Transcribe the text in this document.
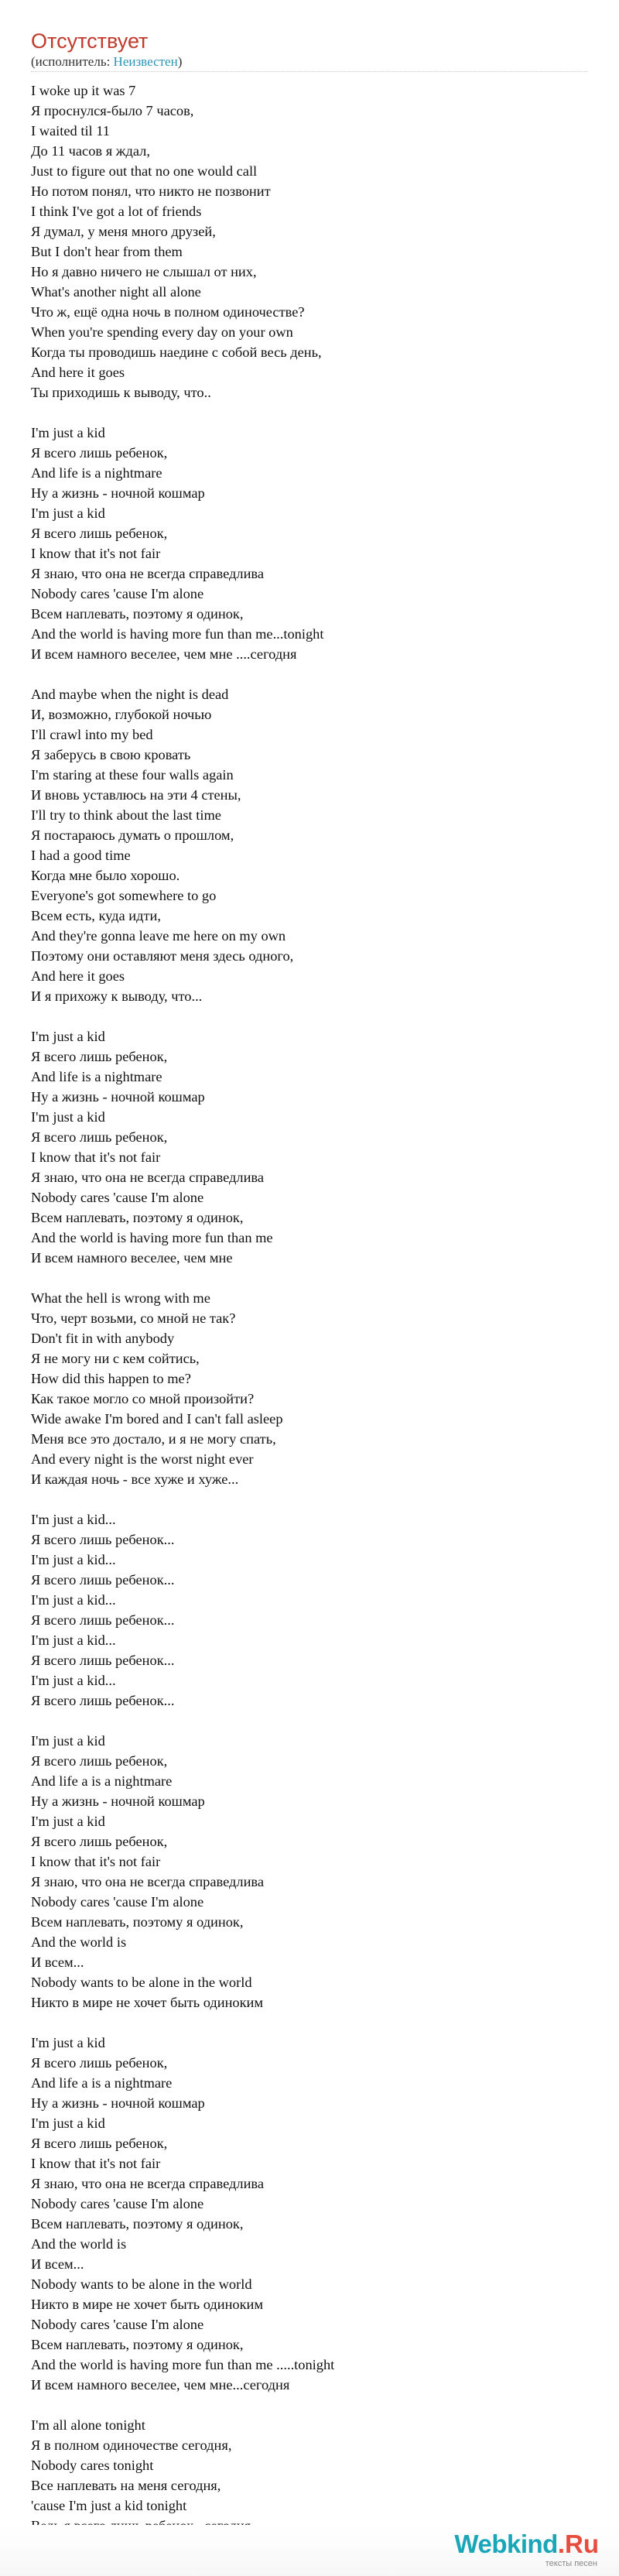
Отсутствует
(исполнитель: Неизвестен)
I woke up it was 7
Я проснулся-было 7 часов,
I waited til 11
До 11 часов я ждал,
Just to figure out that no one would call
Но потом понял, что никто не позвонит
I think I've got a lot of friends
Я думал, у меня много друзей,
But I don't hear from them
Но я давно ничего не слышал от них,
What's another night all alone
Что ж, ещё одна ночь в полном одиночестве?
When you're spending every day on your own
Когда ты проводишь наедине с собой весь день,
And here it goes
Ты приходишь к выводу, что..
I'm just a kid
Я всего лишь ребенок,
And life is a nightmare
Ну а жизнь - ночной кошмар
I'm just a kid
Я всего лишь ребенок,
I know that it's not fair
Я знаю, что она не всегда справедлива
Nobody cares 'cause I'm alone
Всем наплевать, поэтому я одинок,
And the world is having more fun than me...tonight
И всем намного веселее, чем мне ....сегодня
And maybe when the night is dead
И, возможно, глубокой ночью
I'll crawl into my bed
Я заберусь в свою кровать
I'm staring at these four walls again
И вновь уставлюсь на эти 4 стены,
I'll try to think about the last time
Я постараюсь думать о прошлом,
I had a good time
Когда мне было хорошо.
Everyone's got somewhere to go
Всем есть, куда идти,
And they're gonna leave me here on my own
Поэтому они оставляют меня здесь одного,
And here it goes
И я прихожу к выводу, что...
I'm just a kid
Я всего лишь ребенок,
And life is a nightmare
Ну а жизнь - ночной кошмар
I'm just a kid
Я всего лишь ребенок,
I know that it's not fair
Я знаю, что она не всегда справедлива
Nobody cares 'cause I'm alone
Всем наплевать, поэтому я одинок,
And the world is having more fun than me
И всем намного веселее, чем мне
What the hell is wrong with me
Что, черт возьми, со мной не так?
Don't fit in with anybody
Я не могу ни с кем сойтись,
How did this happen to me?
Как такое могло со мной произойти?
Wide awake I'm bored and I can't fall asleep
Меня все это достало, и я не могу спать,
And every night is the worst night ever
И каждая ночь - все хуже и хуже...
I'm just a kid...
Я всего лишь ребенок...
I'm just a kid...
Я всего лишь ребенок...
I'm just a kid...
Я всего лишь ребенок...
I'm just a kid...
Я всего лишь ребенок...
I'm just a kid...
Я всего лишь ребенок...
I'm just a kid
Я всего лишь ребенок,
And life a is a nightmare
Ну а жизнь - ночной кошмар
I'm just a kid
Я всего лишь ребенок,
I know that it's not fair
Я знаю, что она не всегда справедлива
Nobody cares 'cause I'm alone
Всем наплевать, поэтому я одинок,
And the world is
И всем...
Nobody wants to be alone in the world
Никто в мире не хочет быть одиноким
I'm just a kid
Я всего лишь ребенок,
And life a is a nightmare
Ну а жизнь - ночной кошмар
I'm just a kid
Я всего лишь ребенок,
I know that it's not fair
Я знаю, что она не всегда справедлива
Nobody cares 'cause I'm alone
Всем наплевать, поэтому я одинок,
And the world is
И всем...
Nobody wants to be alone in the world
Никто в мире не хочет быть одиноким
Nobody cares 'cause I'm alone
Всем наплевать, поэтому я одинок,
And the world is having more fun than me .....tonight
И всем намного веселее, чем мне...сегодня
I'm all alone tonight
Я в полном одиночестве сегодня,
Nobody cares tonight
Все наплевать на меня сегодня,
'cause I'm just a kid tonight
Webkind.Ru
тексты песен
